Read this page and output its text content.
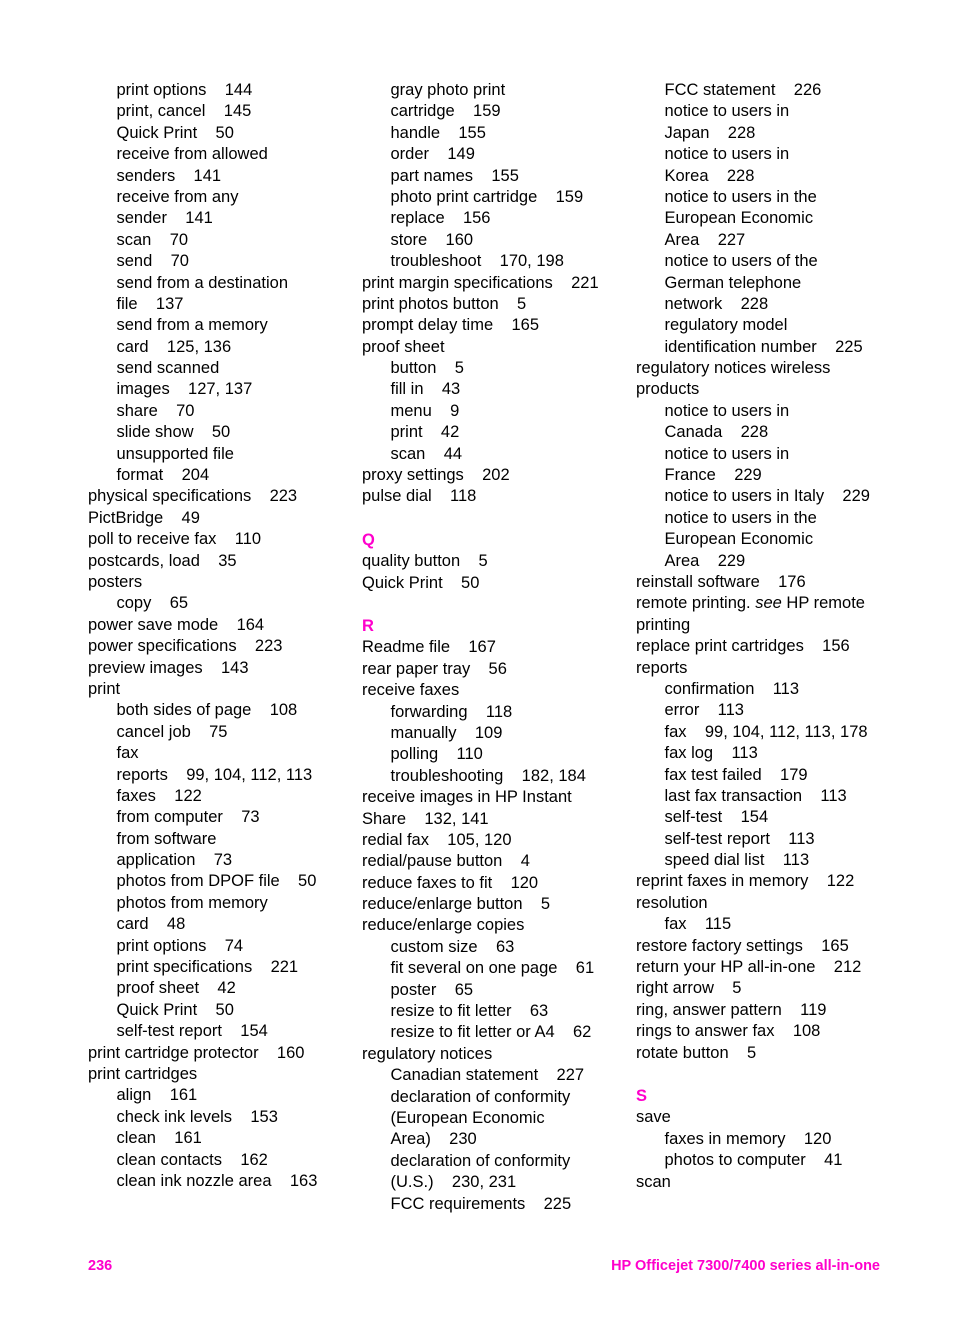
print options    144
print, cancel    145
Quick Print    50
receive from allowed
senders    141
receive from any
sender    141
scan    70
send    70
send from a destination
file    137
send from a memory
card    125, 136
send scanned
images    127, 137
share    70
slide show    50
unsupported file
format    204
physical specifications    223
PictBridge    49
poll to receive fax    110
postcards, load    35
posters
copy    65
power save mode    164
power specifications    223
preview images    143
print
both sides of page    108
cancel job    75
fax
reports    99, 104, 112, 113
faxes    122
from computer    73
from software
application    73
photos from DPOF file    50
photos from memory
card    48
print options    74
print specifications    221
proof sheet    42
Quick Print    50
self-test report    154
print cartridge protector    160
print cartridges
align    161
check ink levels    153
clean    161
clean contacts    162
clean ink nozzle area    163
gray photo print
cartridge    159
handle    155
order    149
part names    155
photo print cartridge    159
replace    156
store    160
troubleshoot    170, 198
print margin specifications    221
print photos button    5
prompt delay time    165
proof sheet
button    5
fill in    43
menu    9
print    42
scan    44
proxy settings    202
pulse dial    118
Q
quality button    5
Quick Print    50
R
Readme file    167
rear paper tray    56
receive faxes
forwarding    118
manually    109
polling    110
troubleshooting    182, 184
receive images in HP Instant
Share    132, 141
redial fax    105, 120
redial/pause button    4
reduce faxes to fit    120
reduce/enlarge button    5
reduce/enlarge copies
custom size    63
fit several on one page    61
poster    65
resize to fit letter    63
resize to fit letter or A4    62
regulatory notices
Canadian statement    227
declaration of conformity
(European Economic
Area)    230
declaration of conformity
(U.S.)    230, 231
FCC requirements    225
FCC statement    226
notice to users in
Japan    228
notice to users in
Korea    228
notice to users in the
European Economic
Area    227
notice to users of the
German telephone
network    228
regulatory model
identification number    225
regulatory notices wireless
products
notice to users in
Canada    228
notice to users in
France    229
notice to users in Italy    229
notice to users in the
European Economic
Area    229
reinstall software    176
remote printing. see HP remote
printing
replace print cartridges    156
reports
confirmation    113
error    113
fax    99, 104, 112, 113, 178
fax log    113
fax test failed    179
last fax transaction    113
self-test    154
self-test report    113
speed dial list    113
reprint faxes in memory    122
resolution
fax    115
restore factory settings    165
return your HP all-in-one    212
right arrow    5
ring, answer pattern    119
rings to answer fax    108
rotate button    5
S
save
faxes in memory    120
photos to computer    41
scan
236	HP Officejet 7300/7400 series all-in-one
